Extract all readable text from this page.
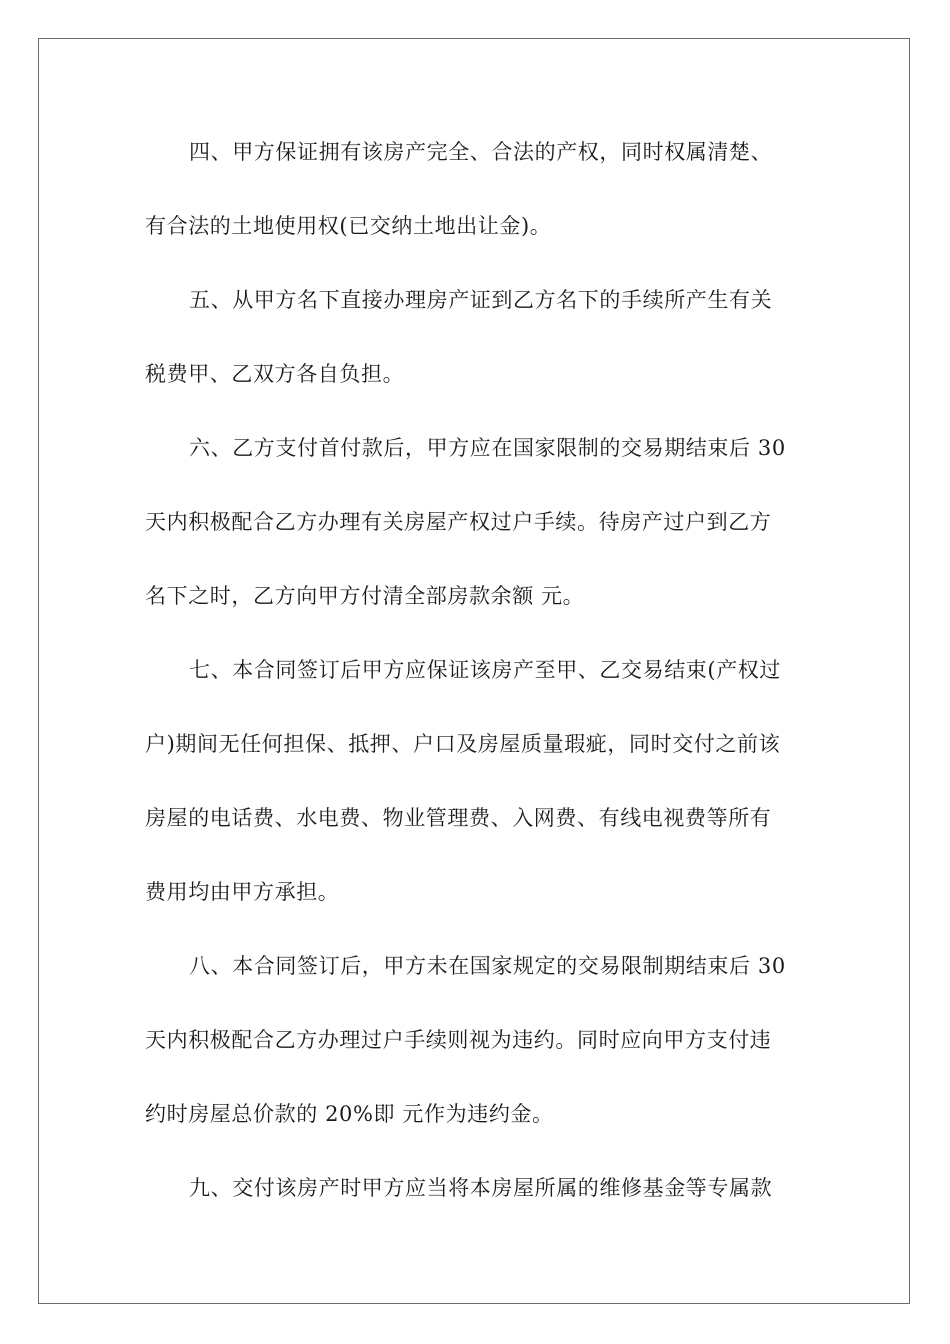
四、甲方保证拥有该房产完全、合法的产权，同时权属清楚、
有合法的土地使用权(已交纳土地出让金)。
五、从甲方名下直接办理房产证到乙方名下的手续所产生有关
税费甲、乙双方各自负担。
六、乙方支付首付款后，甲方应在国家限制的交易期结束后 30
天内积极配合乙方办理有关房屋产权过户手续。待房产过户到乙方
名下之时，乙方向甲方付清全部房款余额 元。
七、本合同签订后甲方应保证该房产至甲、乙交易结束(产权过
户)期间无任何担保、抵押、户口及房屋质量瑕疵，同时交付之前该
房屋的电话费、水电费、物业管理费、入网费、有线电视费等所有
费用均由甲方承担。
八、本合同签订后，甲方未在国家规定的交易限制期结束后 30
天内积极配合乙方办理过户手续则视为违约。同时应向甲方支付违
约时房屋总价款的 20%即 元作为违约金。
九、交付该房产时甲方应当将本房屋所属的维修基金等专属款
